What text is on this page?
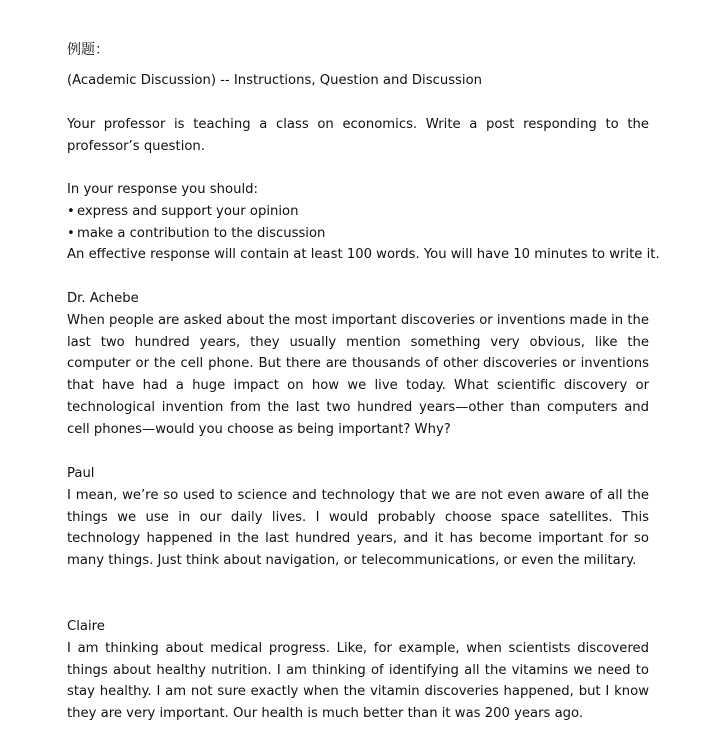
例题：

(Academic Discussion) -- Instructions, Question and Discussion

Your professor is teaching a class on economics. Write a post responding to the professor’s question.

In your response you should:

• express and support your opinion
• make a contribution to the discussion

An effective response will contain at least 100 words. You will have 10 minutes to write it.

Dr. Achebe

When people are asked about the most important discoveries or inventions made in the last two hundred years, they usually mention something very obvious, like the computer or the cell phone. But there are thousands of other discoveries or inventions that have had a huge impact on how we live today. What scientific discovery or technological invention from the last two hundred years—other than computers and cell phones—would you choose as being important? Why?

Paul

I mean, we’re so used to science and technology that we are not even aware of all the things we use in our daily lives. I would probably choose space satellites. This technology happened in the last hundred years, and it has become important for so many things. Just think about navigation, or telecommunications, or even the military.

Claire

I am thinking about medical progress. Like, for example, when scientists discovered things about healthy nutrition. I am thinking of identifying all the vitamins we need to stay healthy. I am not sure exactly when the vitamin discoveries happened, but I know they are very important. Our health is much better than it was 200 years ago.
